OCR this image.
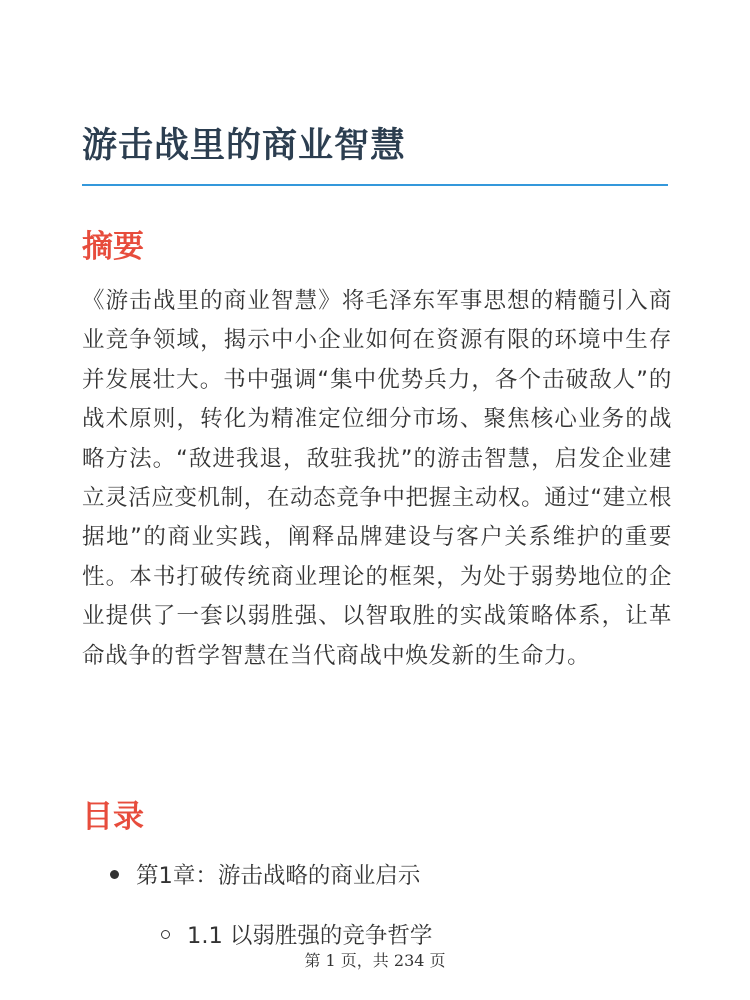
游击战里的商业智慧
摘要

《游击战里的商业智慧》将毛泽东军事思想的精髓引入商业竞争领域，揭示中小企业如何在资源有限的环境中生存并发展壮大。书中强调“集中优势兵力，各个击破敌人”的战术原则，转化为精准定位细分市场、聚焦核心业务的战略方法。“敌进我退，敌驻我扰”的游击智慧，启发企业建立灵活应变机制，在动态竞争中把握主动权。通过“建立根据地”的商业实践，阐释品牌建设与客户关系维护的重要性。本书打破传统商业理论的框架，为处于弱势地位的企业提供了一套以弱胜强、以智取胜的实战策略体系，让革命战争的哲学智慧在当代商战中焕发新的生命力。

目录
第1章：游击战略的商业启示
1.1 以弱胜强的竞争哲学
第 1 页，共 234 页
